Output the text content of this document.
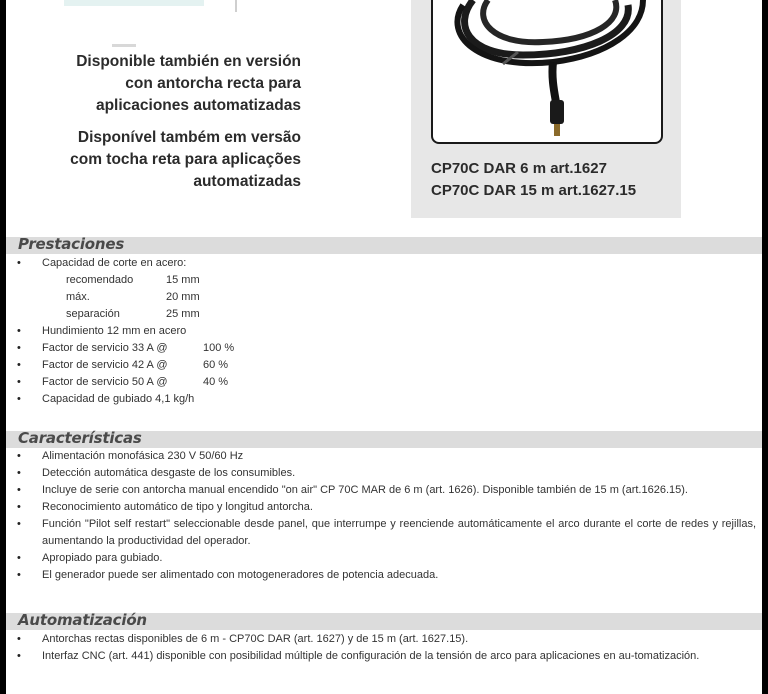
Disponible también en versión
con antorcha recta para
aplicaciones automatizadas
Disponível também em versão
com tocha reta para aplicações
automatizadas
CP70C DAR 6 m art.1627
CP70C DAR 15 m art.1627.15
Prestaciones
• Capacidad de corte en acero:
recomendado	15 mm
máx.	20 mm
separación	25 mm
• Hundimiento 12 mm en acero
• Factor de servicio 33 A @	100 %
• Factor de servicio 42 A @	60 %
• Factor de servicio 50 A @	40 %
• Capacidad de gubiado 4,1 kg/h
Características
• Alimentación monofásica 230 V 50/60 Hz
• Detección automática desgaste de los consumibles.
• Incluye de serie con antorcha manual encendido "on air" CP 70C MAR de 6 m (art. 1626). Disponible también de 15 m (art.1626.15).
• Reconocimiento automático de tipo y longitud antorcha.
• Función "Pilot self restart" seleccionable desde panel, que interrumpe y reenciende automáticamente el arco durante el corte de redes y rejillas, aumentando la productividad del operador.
• Apropiado para gubiado.
• El generador puede ser alimentado con motogeneradores de potencia adecuada.
Automatización
• Antorchas rectas disponibles de 6 m - CP70C DAR (art. 1627) y de 15 m (art. 1627.15).
• Interfaz CNC (art. 441) disponible con posibilidad múltiple de configuración de la tensión de arco para aplicaciones en au-tomatización.
